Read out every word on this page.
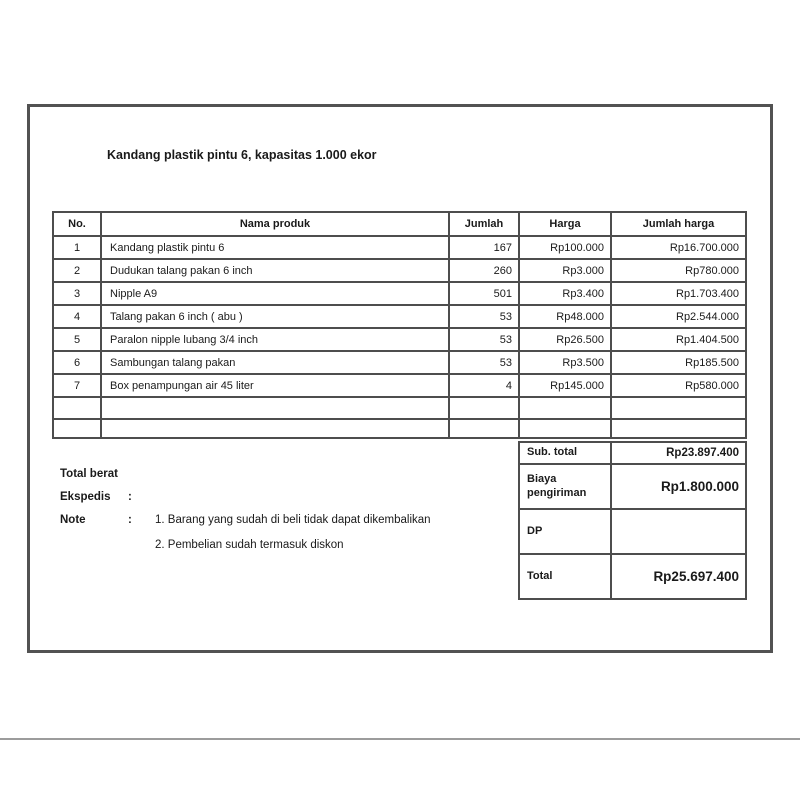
Kandang plastik pintu 6, kapasitas 1.000 ekor
No.	Nama produk	Jumlah	Harga	Jumlah harga
1	Kandang plastik pintu 6	167	Rp100.000	Rp16.700.000
2	Dudukan talang pakan 6 inch	260	Rp3.000	Rp780.000
3	Nipple A9	501	Rp3.400	Rp1.703.400
4	Talang pakan 6 inch ( abu )	53	Rp48.000	Rp2.544.000
5	Paralon nipple lubang 3/4 inch	53	Rp26.500	Rp1.404.500
6	Sambungan talang pakan	53	Rp3.500	Rp185.500
7	Box penampungan air 45 liter	4	Rp145.000	Rp580.000

Sub. total	Rp23.897.400
Biaya pengiriman	Rp1.800.000
DP	
Total	Rp25.697.400
Total berat
Ekspedis :
Note	: 1. Barang yang sudah di beli tidak dapat dikembalikan
2. Pembelian sudah termasuk diskon
